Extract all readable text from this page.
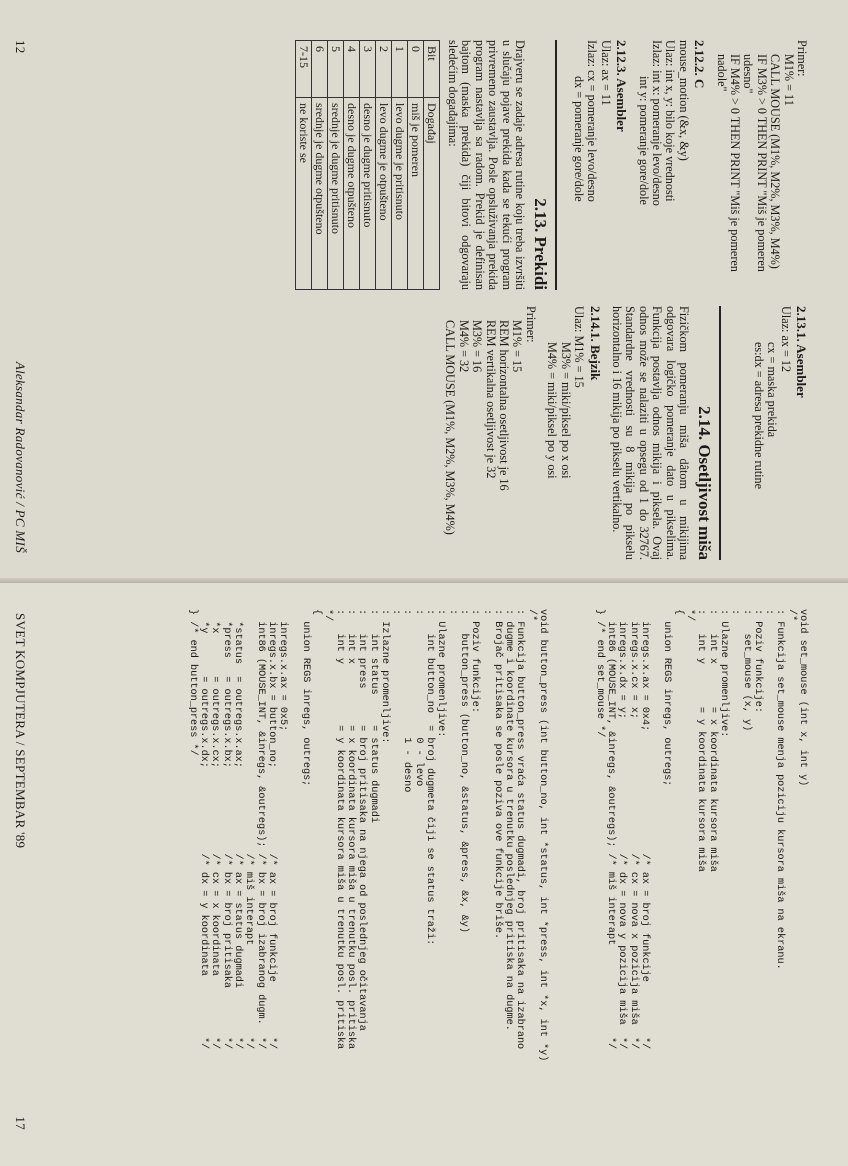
Primer:
M1% = 11
CALL MOUSE (M1%, M2%, M3%, M4%)
IF M3% > 0 THEN PRINT "Miš je pomeren udesno"
IF M4% > 0 THEN PRINT "Miš je pomeren nadole"
2.12.2. C
mouse_motion (&x, &y)
Ulaz: int x, y: bilo koje vrednosti
Izlaz: int x: pomeranje levo/desno
int y: pomeranje gore/dole
2.12.3. Asembler
Ulaz: ax = 11
Izlaz: cx = pomeranje levo/desno
dx = pomeranje gore/dole
2.13. Prekidi
Drajveru se zadaje adresa rutine koju treba izvršiti u slučaju pojave prekida kada se tekući program privremeno zaustavlja. Posle opsluživanja prekida program nastavlja sa radom. Prekid je definisan bajtom (maska prekida) čiji bitovi odgovaraju sledećim događajima:
Bit	Događaj
0	miš je pomeren
1	levo dugme je pritisnuto
2	levo dugme je otpušteno
3	desno je dugme pritisnuto
4	desno je dugme otpušteno
5	srednje je dugme pritisnuto
6	srednje je dugme otpušteno
7-15	ne koriste se
2.13.1. Asembler
Ulaz: ax = 12
cx = maska prekida
es:dx = adresa prekidne rutine
2.14. Osetljivost miša
Fizičkom pomeranju miša dâtom u mikijima odgovara logičko pomeranje dato u pikselima. Funkcija postavlja odnos mikija i piksela. Ovaj odnos može se nalaziti u opsegu od 1 do 32767. Standardne vrednosti su 8 mikija po pikselu horizontalno i 16 mikija po pikselu vertikalno.
2.14.1. Bejzik
Ulaz: M1% = 15
M3% = miki/piksel po x osi
M4% = miki/piksel po y osi
Primer:
M1% = 15
REM horizontalna osetljivost je 16
REM vertikalna osetljivost je 32
M3% = 16
M4% = 32
CALL MOUSE (M1%, M2%, M3%, M4%)
12
Aleksandar Radovanović / PC MIŠ
void set_mouse (int x, int y)
/*
: Funkcija set_mouse menja poziciju kursora miša na ekranu.
:
: Poziv funkcije:
:   set_mouse (x, y)
:
: Ulazne promenljive:
:   int x       = x koordinata kursora miša
:   int y       = y koordinata kursora miša
*/
{
union REGS inregs, outregs;

inregs.x.ax = 0x4;                    /* ax = broj funkcije         */
inregs.x.cx = x;                      /* cx = nova x pozicija miša  */
inregs.x.dx = y;                      /* dx = nova y pozicija miša  */
int86 (MOUSE_INT, &inregs, &outregs); /* miš interapt               */
} /* end set_mouse */
void button_press (int button_no, int *status, int *press, int *x, int *y)
/*
: Funkcija button_press vraća status dugmadi, broj pritisaka na izabrano
: dugme i koordinate kursora u trenutku poslednjeg pritiska na dugme.
: Brojač pritisaka se posle poziva ove funkcije briše.
:
: Poziv funkcije:
:   button_press (button_no, &status, &press, &x, &y)
:
: Ulazne promenljive:
:   int button_no  = broj dugmeta čiji se status traži:
:                    0 - levo
:                    1 - desno
:
: Izlazne promenljive:
:   int status     = status dugmadi
:   int press      = broj pritisaka na njega od poslednjeg očitavanja
:   int x          = x koordinata kursora miša u trenutku posl. pritiska
:   int y          = y koordinata kursora miša u trenutku posl. pritiska
*/
{
union REGS inregs, outregs;

inregs.x.ax = 0x5;
inregs.x.bx = button_no;              /* ax = broj funkcije         */
int86 (MOUSE_INT, &inregs, &outregs); /* bx = broj izabranog dugm.  */
/* miš interapt               */
*status  = outregs.x.ax;              /* ax = status dugmadi        */
*press   = outregs.x.bx;              /* bx = broj pritisaka        */
*x       = outregs.x.cx;              /* cx = x koordinata          */
*y       = outregs.x.dx;              /* dx = y koordinata          */
} /* end button_press */
SVET KOMPJUTERA / SEPTEMBAR '89
17
